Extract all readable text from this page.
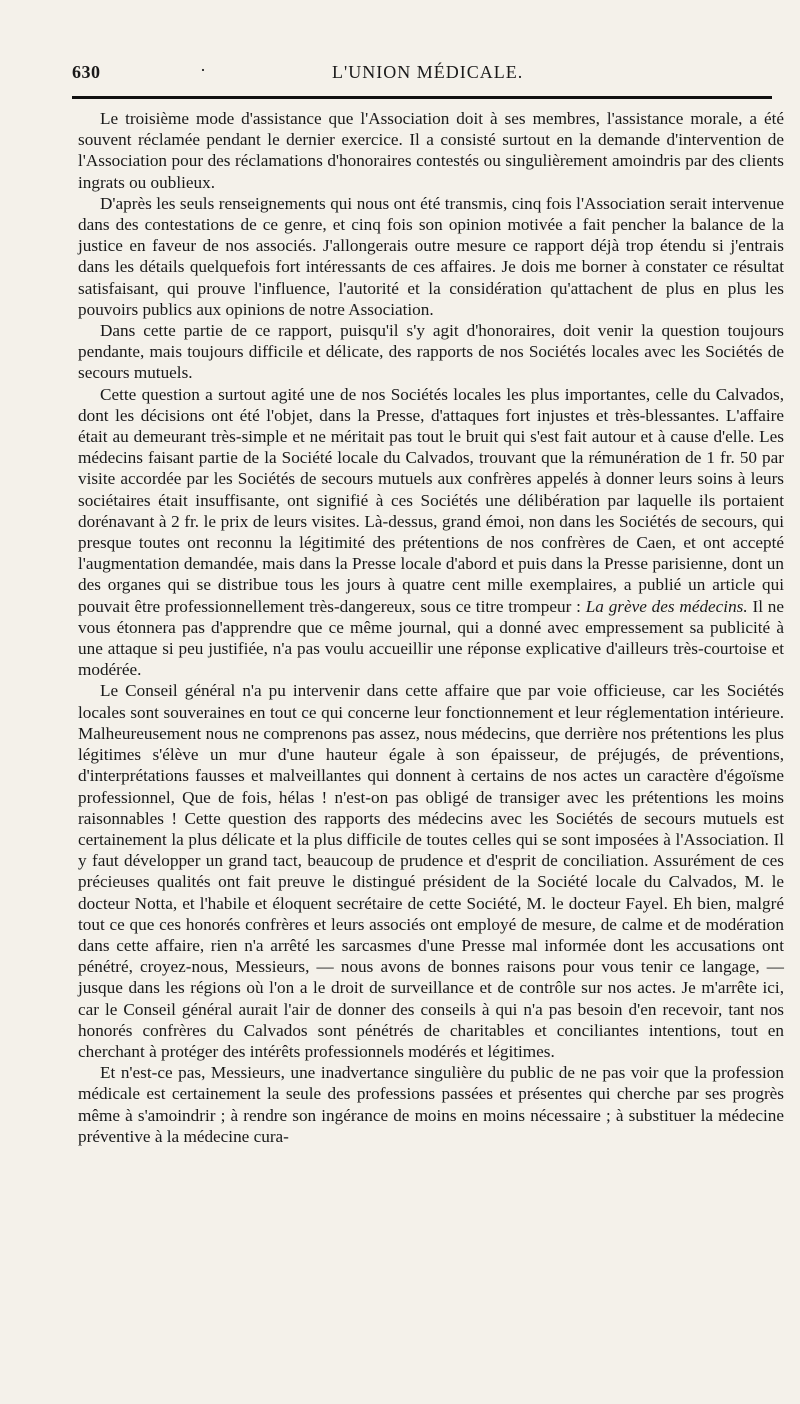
630	·	L'UNION MÉDICALE.

Le troisième mode d'assistance que l'Association doit à ses membres, l'assistance morale, a été souvent réclamée pendant le dernier exercice. Il a consisté surtout en la demande d'intervention de l'Association pour des réclamations d'honoraires contestés ou singulièrement amoindris par des clients ingrats ou oublieux.

D'après les seuls renseignements qui nous ont été transmis, cinq fois l'Association serait intervenue dans des contestations de ce genre, et cinq fois son opinion motivée a fait pencher la balance de la justice en faveur de nos associés. J'allongerais outre mesure ce rapport déjà trop étendu si j'entrais dans les détails quelquefois fort intéressants de ces affaires. Je dois me borner à constater ce résultat satisfaisant, qui prouve l'influence, l'autorité et la considération qu'attachent de plus en plus les pouvoirs publics aux opinions de notre Association.

Dans cette partie de ce rapport, puisqu'il s'y agit d'honoraires, doit venir la question toujours pendante, mais toujours difficile et délicate, des rapports de nos Sociétés locales avec les Sociétés de secours mutuels.

Cette question a surtout agité une de nos Sociétés locales les plus importantes, celle du Calvados, dont les décisions ont été l'objet, dans la Presse, d'attaques fort injustes et très-blessantes. L'affaire était au demeurant très-simple et ne méritait pas tout le bruit qui s'est fait autour et à cause d'elle. Les médecins faisant partie de la Société locale du Calvados, trouvant que la rémunération de 1 fr. 50 par visite accordée par les Sociétés de secours mutuels aux confrères appelés à donner leurs soins à leurs sociétaires était insuffisante, ont signifié à ces Sociétés une délibération par laquelle ils portaient dorénavant à 2 fr. le prix de leurs visites. Là-dessus, grand émoi, non dans les Sociétés de secours, qui presque toutes ont reconnu la légitimité des prétentions de nos confrères de Caen, et ont accepté l'augmentation demandée, mais dans la Presse locale d'abord et puis dans la Presse parisienne, dont un des organes qui se distribue tous les jours à quatre cent mille exemplaires, a publié un article qui pouvait être professionnellement très-dangereux, sous ce titre trompeur : La grève des médecins. Il ne vous étonnera pas d'apprendre que ce même journal, qui a donné avec empressement sa publicité à une attaque si peu justifiée, n'a pas voulu accueillir une réponse explicative d'ailleurs très-courtoise et modérée.

Le Conseil général n'a pu intervenir dans cette affaire que par voie officieuse, car les Sociétés locales sont souveraines en tout ce qui concerne leur fonctionnement et leur réglementation intérieure. Malheureusement nous ne comprenons pas assez, nous médecins, que derrière nos prétentions les plus légitimes s'élève un mur d'une hauteur égale à son épaisseur, de préjugés, de préventions, d'interprétations fausses et malveillantes qui donnent à certains de nos actes un caractère d'égoïsme professionnel, Que de fois, hélas ! n'est-on pas obligé de transiger avec les prétentions les moins raisonnables ! Cette question des rapports des médecins avec les Sociétés de secours mutuels est certainement la plus délicate et la plus difficile de toutes celles qui se sont imposées à l'Association. Il y faut développer un grand tact, beaucoup de prudence et d'esprit de conciliation. Assurément de ces précieuses qualités ont fait preuve le distingué président de la Société locale du Calvados, M. le docteur Notta, et l'habile et éloquent secrétaire de cette Société, M. le docteur Fayel. Eh bien, malgré tout ce que ces honorés confrères et leurs associés ont employé de mesure, de calme et de modération dans cette affaire, rien n'a arrêté les sarcasmes d'une Presse mal informée dont les accusations ont pénétré, croyez-nous, Messieurs, — nous avons de bonnes raisons pour vous tenir ce langage, — jusque dans les régions où l'on a le droit de surveillance et de contrôle sur nos actes. Je m'arrête ici, car le Conseil général aurait l'air de donner des conseils à qui n'a pas besoin d'en recevoir, tant nos honorés confrères du Calvados sont pénétrés de charitables et conciliantes intentions, tout en cherchant à protéger des intérêts professionnels modérés et légitimes.

Et n'est-ce pas, Messieurs, une inadvertance singulière du public de ne pas voir que la profession médicale est certainement la seule des professions passées et présentes qui cherche par ses progrès même à s'amoindrir ; à rendre son ingérance de moins en moins nécessaire ; à substituer la médecine préventive à la médecine cura-
